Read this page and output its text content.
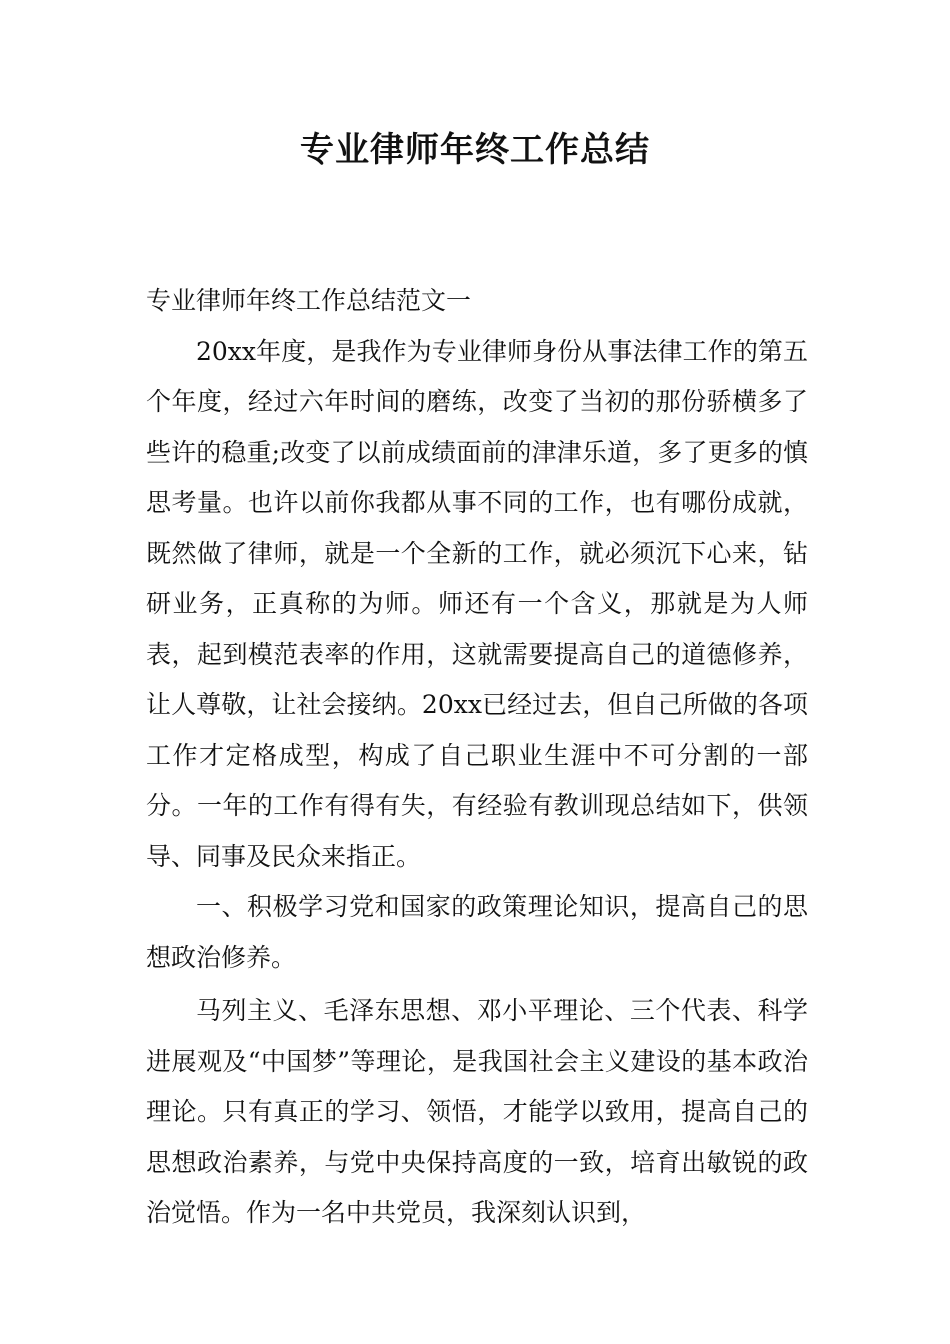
专业律师年终工作总结

专业律师年终工作总结范文一

20xx年度，是我作为专业律师身份从事法律工作的第五个年度，经过六年时间的磨练，改变了当初的那份骄横多了些许的稳重;改变了以前成绩面前的津津乐道，多了更多的慎思考量。也许以前你我都从事不同的工作，也有哪份成就，既然做了律师，就是一个全新的工作，就必须沉下心来，钻研业务，正真称的为师。师还有一个含义，那就是为人师表，起到模范表率的作用，这就需要提高自己的道德修养，让人尊敬，让社会接纳。20xx已经过去，但自己所做的各项工作才定格成型，构成了自己职业生涯中不可分割的一部分。一年的工作有得有失，有经验有教训现总结如下，供领导、同事及民众来指正。

一、积极学习党和国家的政策理论知识，提高自己的思想政治修养。

马列主义、毛泽东思想、邓小平理论、三个代表、科学进展观及“中国梦”等理论，是我国社会主义建设的基本政治理论。只有真正的学习、领悟，才能学以致用，提高自己的思想政治素养，与党中央保持高度的一致，培育出敏锐的政治觉悟。作为一名中共党员，我深刻认识到，
